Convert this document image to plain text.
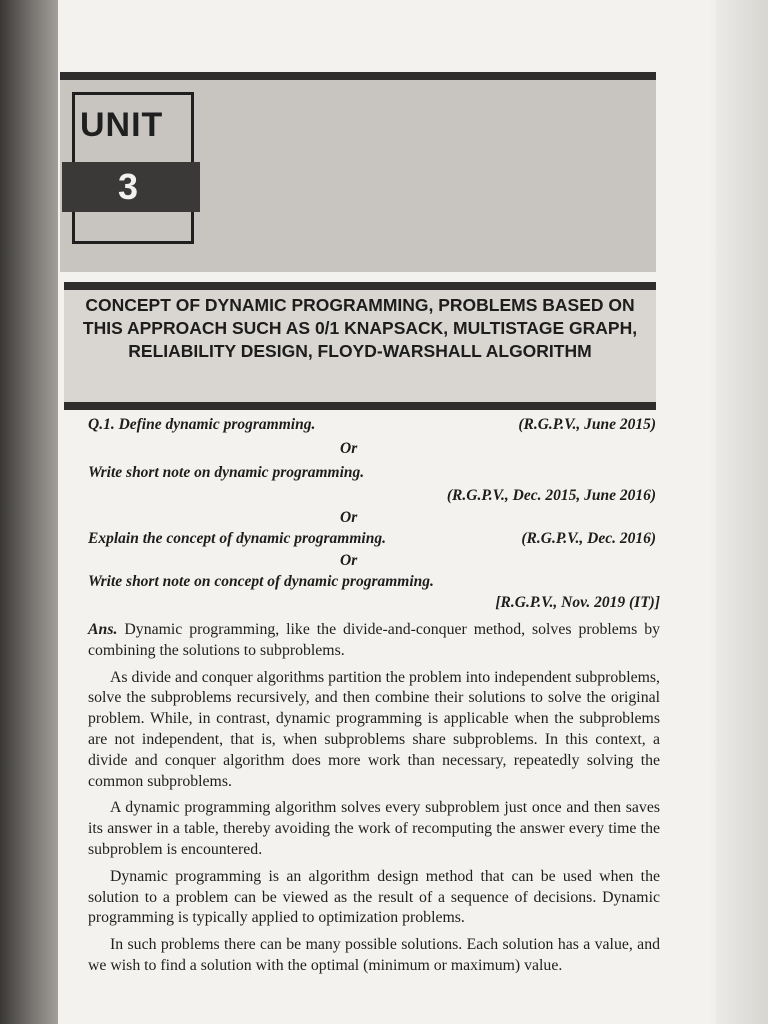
UNIT
3
CONCEPT OF DYNAMIC PROGRAMMING, PROBLEMS BASED ON THIS APPROACH SUCH AS 0/1 KNAPSACK, MULTISTAGE GRAPH, RELIABILITY DESIGN, FLOYD-WARSHALL ALGORITHM
Q.1. Define dynamic programming.	(R.G.P.V., June 2015)
Or
Write short note on dynamic programming.
(R.G.P.V., Dec. 2015, June 2016)
Or
Explain the concept of dynamic programming.	(R.G.P.V., Dec. 2016)
Or
Write short note on concept of dynamic programming.
[R.G.P.V., Nov. 2019 (IT)]

Ans. Dynamic programming, like the divide-and-conquer method, solves problems by combining the solutions to subproblems.

As divide and conquer algorithms partition the problem into independent subproblems, solve the subproblems recursively, and then combine their solutions to solve the original problem. While, in contrast, dynamic programming is applicable when the subproblems are not independent, that is, when subproblems share subproblems. In this context, a divide and conquer algorithm does more work than necessary, repeatedly solving the common subproblems.

A dynamic programming algorithm solves every subproblem just once and then saves its answer in a table, thereby avoiding the work of recomputing the answer every time the subproblem is encountered.

Dynamic programming is an algorithm design method that can be used when the solution to a problem can be viewed as the result of a sequence of decisions. Dynamic programming is typically applied to optimization problems.

In such problems there can be many possible solutions. Each solution has a value, and we wish to find a solution with the optimal (minimum or maximum) value.
